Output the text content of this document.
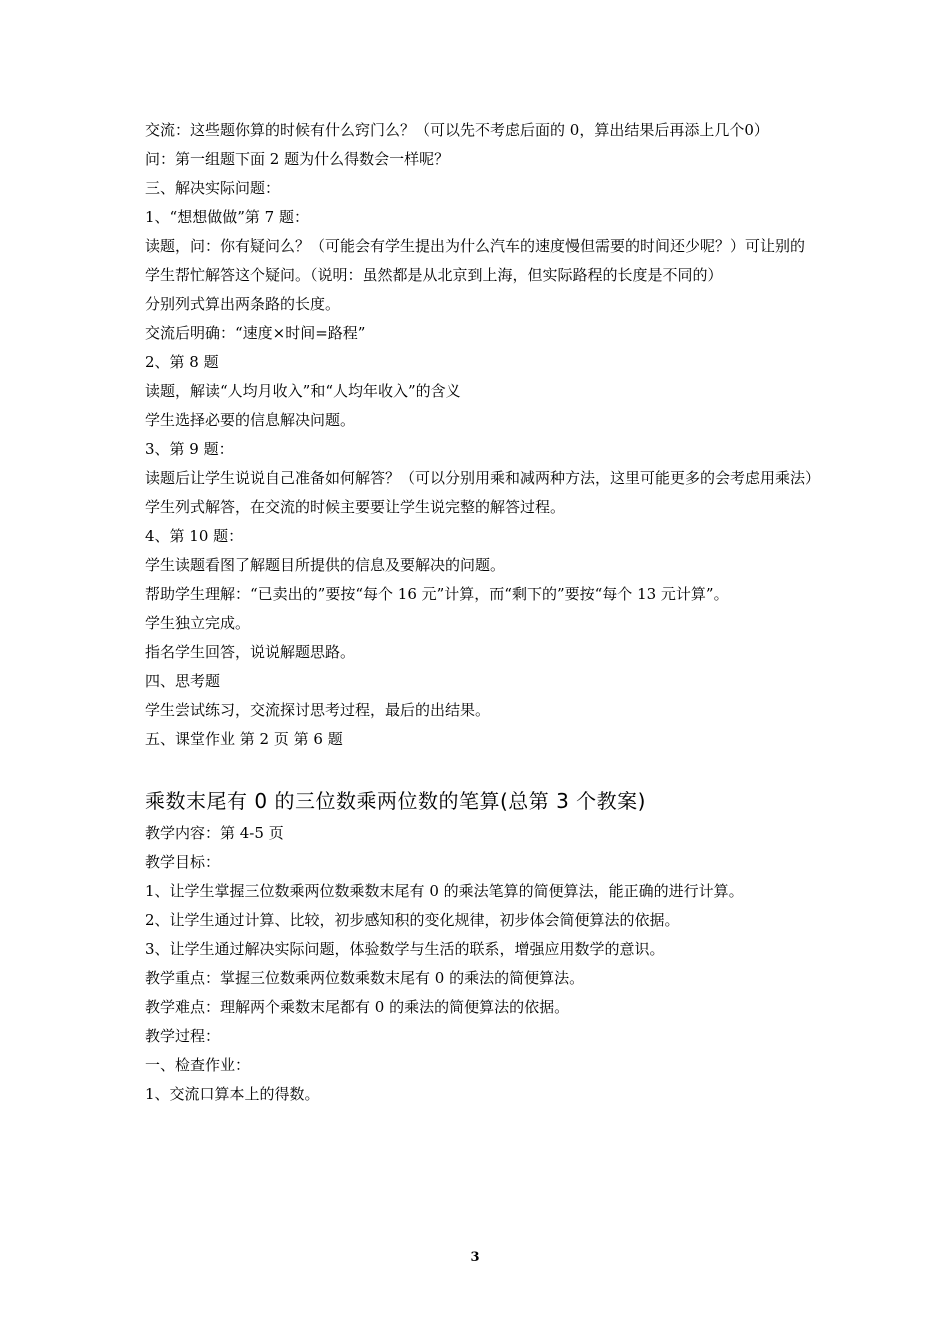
交流：这些题你算的时候有什么窍门么？（可以先不考虑后面的 0，算出结果后再添上几个0）

问：第一组题下面 2 题为什么得数会一样呢？

三、解决实际问题：

1、“想想做做”第 7 题：

读题，问：你有疑问么？（可能会有学生提出为什么汽车的速度慢但需要的时间还少呢？）可让别的学生帮忙解答这个疑问。（说明：虽然都是从北京到上海，但实际路程的长度是不同的）

分别列式算出两条路的长度。

交流后明确：“速度×时间=路程”

2、第 8 题

读题，解读“人均月收入”和“人均年收入”的含义

学生选择必要的信息解决问题。

3、第 9 题：

读题后让学生说说自己准备如何解答？（可以分别用乘和减两种方法，这里可能更多的会考虑用乘法）

学生列式解答，在交流的时候主要要让学生说完整的解答过程。

4、第 10 题：

学生读题看图了解题目所提供的信息及要解决的问题。

帮助学生理解：“已卖出的”要按“每个 16 元”计算，而“剩下的”要按“每个 13 元计算”。

学生独立完成。

指名学生回答，说说解题思路。

四、思考题

学生尝试练习，交流探讨思考过程，最后的出结果。

五、课堂作业 第 2 页 第 6 题

乘数末尾有 0 的三位数乘两位数的笔算(总第 3 个教案)

教学内容：第 4-5 页

教学目标：

1、让学生掌握三位数乘两位数乘数末尾有 0 的乘法笔算的简便算法，能正确的进行计算。

2、让学生通过计算、比较，初步感知积的变化规律，初步体会简便算法的依据。

3、让学生通过解决实际问题，体验数学与生活的联系，增强应用数学的意识。

教学重点：掌握三位数乘两位数乘数末尾有 0 的乘法的简便算法。

教学难点：理解两个乘数末尾都有 0 的乘法的简便算法的依据。

教学过程：

一、检查作业：

1、交流口算本上的得数。

3
